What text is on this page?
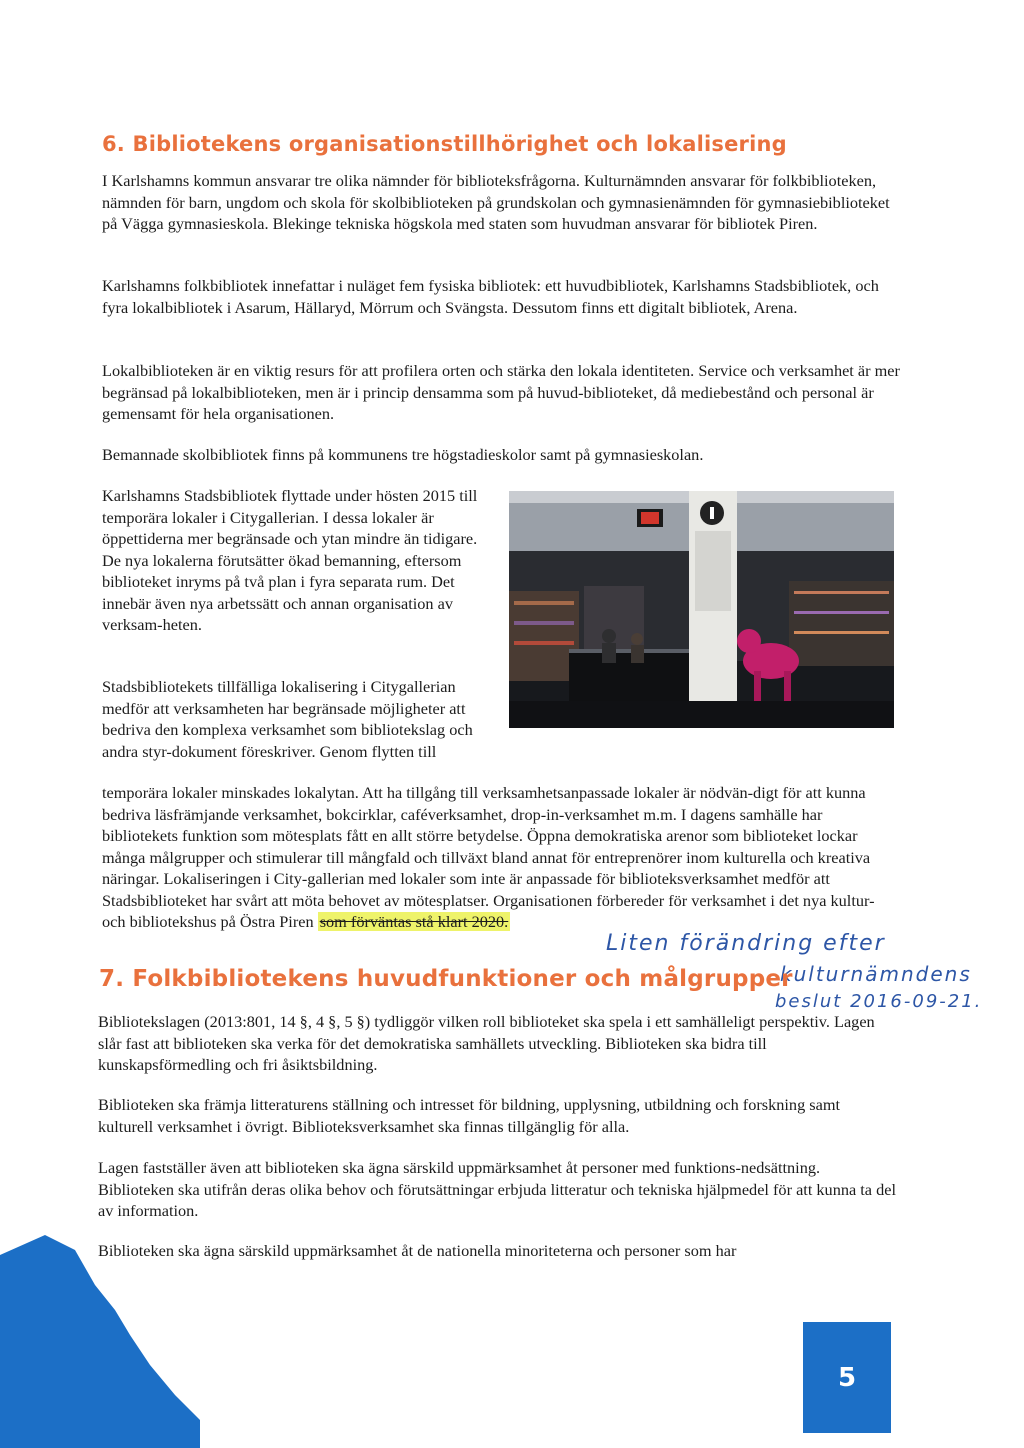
6. Bibliotekens organisationstillhörighet och lokalisering

I Karlshamns kommun ansvarar tre olika nämnder för biblioteksfrågorna. Kulturnämnden ansvarar för folkbiblioteken, nämnden för barn, ungdom och skola för skolbiblioteken på grundskolan och gymnasienämnden för gymnasiebiblioteket på Vägga gymnasieskola. Blekinge tekniska högskola med staten som huvudman ansvarar för bibliotek Piren.

Karlshamns folkbibliotek innefattar i nuläget fem fysiska bibliotek: ett huvudbibliotek, Karlshamns Stadsbibliotek, och fyra lokalbibliotek i Asarum, Hällaryd, Mörrum och Svängsta. Dessutom finns ett digitalt bibliotek, Arena.

Lokalbiblioteken är en viktig resurs för att profilera orten och stärka den lokala identiteten. Service och verksamhet är mer begränsad på lokalbiblioteken, men är i princip densamma som på huvud-biblioteket, då mediebestånd och personal är gemensamt för hela organisationen.

Bemannade skolbibliotek finns på kommunens tre högstadieskolor samt på gymnasieskolan.

Karlshamns Stadsbibliotek flyttade under hösten 2015 till temporära lokaler i Citygallerian. I dessa lokaler är öppettiderna mer begränsade och ytan mindre än tidigare. De nya lokalerna förutsätter ökad bemanning, eftersom biblioteket inryms på två plan i fyra separata rum. Det innebär även nya arbetssätt och annan organisation av verksam-heten.

Stadsbibliotekets tillfälliga lokalisering i Citygallerian medför att verksamheten har begränsade möjligheter att bedriva den komplexa verksamhet som bibliotekslag och andra styr-dokument föreskriver. Genom flytten till

temporära lokaler minskades lokalytan. Att ha tillgång till verksamhetsanpassade lokaler är nödvän-digt för att kunna bedriva läsfrämjande verksamhet, bokcirklar, caféverksamhet, drop-in-verksamhet m.m. I dagens samhälle har bibliotekets funktion som mötesplats fått en allt större betydelse. Öppna demokratiska arenor som biblioteket lockar många målgrupper och stimulerar till mångfald och tillväxt bland annat för entreprenörer inom kulturella och kreativa näringar. Lokaliseringen i City-gallerian med lokaler som inte är anpassade för biblioteksverksamhet medför att Stadsbiblioteket har svårt att möta behovet av mötesplatser. Organisationen förbereder för verksamhet i det nya kultur- och bibliotekshus på Östra Piren som förväntas stå klart 2020.

Liten förändring efter
kulturnämndens
beslut 2016-09-21.
7. Folkbibliotekens huvudfunktioner och målgrupper

Bibliotekslagen (2013:801, 14 §, 4 §, 5 §) tydliggör vilken roll biblioteket ska spela i ett samhälleligt perspektiv. Lagen slår fast att biblioteken ska verka för det demokratiska samhällets utveckling. Biblioteken ska bidra till kunskapsförmedling och fri åsiktsbildning.

Biblioteken ska främja litteraturens ställning och intresset för bildning, upplysning, utbildning och forskning samt kulturell verksamhet i övrigt. Biblioteksverksamhet ska finnas tillgänglig för alla.

Lagen fastställer även att biblioteken ska ägna särskild uppmärksamhet åt personer med funktions-nedsättning. Biblioteken ska utifrån deras olika behov och förutsättningar erbjuda litteratur och tekniska hjälpmedel för att kunna ta del av information.

Biblioteken ska ägna särskild uppmärksamhet åt de nationella minoriteterna och personer som har

5
